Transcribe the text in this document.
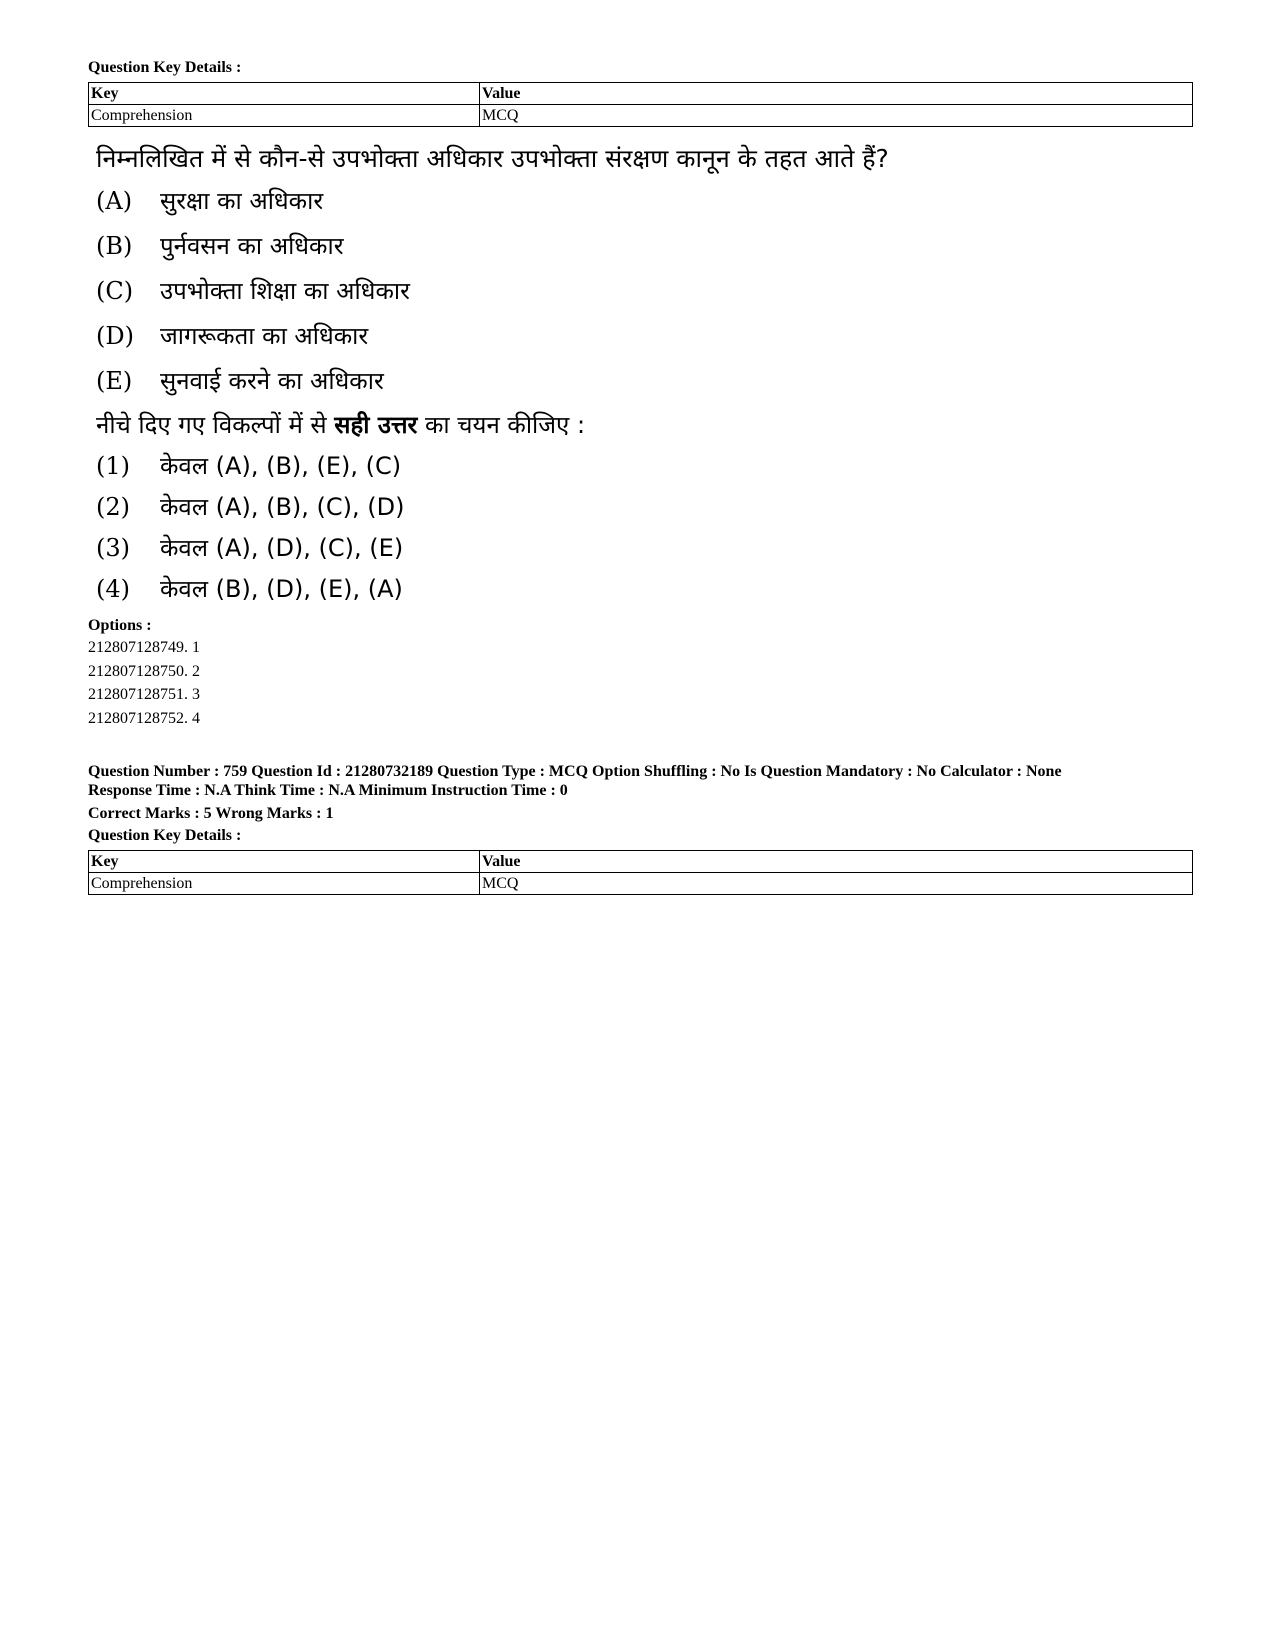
Question Key Details :
Key	Value
Comprehension	MCQ
निम्नलिखित में से कौन-से उपभोक्ता अधिकार उपभोक्ता संरक्षण कानून के तहत आते हैं?
(A)	सुरक्षा का अधिकार
(B)	पुर्नवसन का अधिकार
(C)	उपभोक्ता शिक्षा का अधिकार
(D)	जागरूकता का अधिकार
(E)	सुनवाई करने का अधिकार
नीचे दिए गए विकल्पों में से सही उत्तर का चयन कीजिए :
(1)	केवल (A), (B), (E), (C)
(2)	केवल (A), (B), (C), (D)
(3)	केवल (A), (D), (C), (E)
(4)	केवल (B), (D), (E), (A)
Options :
212807128749. 1
212807128750. 2
212807128751. 3
212807128752. 4
Question Number : 759 Question Id : 21280732189 Question Type : MCQ Option Shuffling : No Is Question Mandatory : No Calculator : None
Response Time : N.A Think Time : N.A Minimum Instruction Time : 0
Correct Marks : 5 Wrong Marks : 1
Question Key Details :
Key	Value
Comprehension	MCQ
